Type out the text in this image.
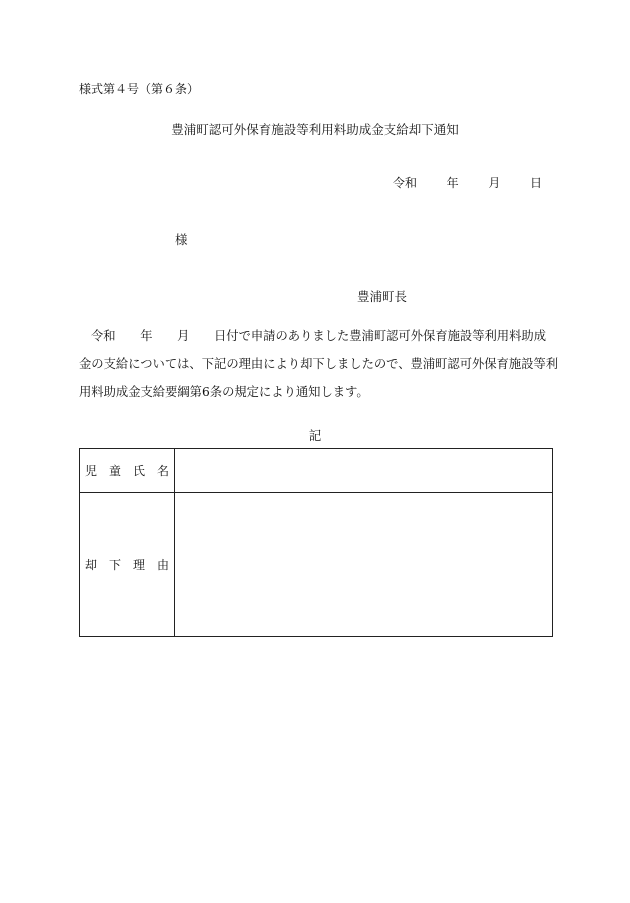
様式第４号（第６条）
豊浦町認可外保育施設等利用料助成金支給却下通知
令和 年 月 日
様
豊浦町長
令和　　年　　月　　日付で申請のありました豊浦町認可外保育施設等利用料助成
金の支給については、下記の理由により却下しましたので、豊浦町認可外保育施設等利
用料助成金支給要綱第6条の規定により通知します。
記
児　童　氏　名	
却　下　理　由	
